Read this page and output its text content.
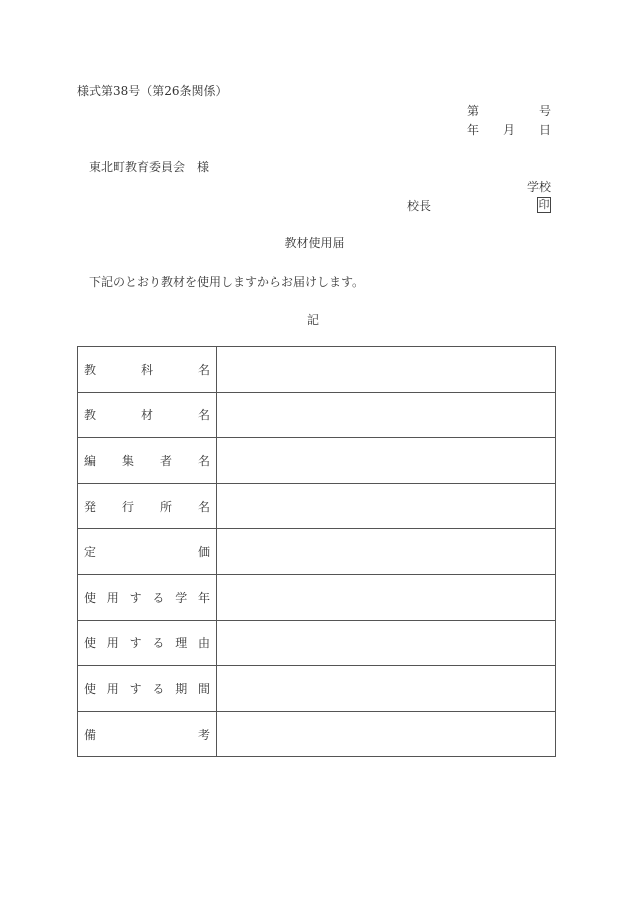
様式第38号（第26条関係）
第	号
年 月 日
東北町教育委員会　様
学校
校長	印
教材使用届
下記のとおり教材を使用しますからお届けします。
記
教 科 名	

教 材 名	

編 集 者 名	

発 行 所 名	

定 価	

使 用 す る 学 年

使 用 す る 理 由

使 用 す る 期 間

備 考	
